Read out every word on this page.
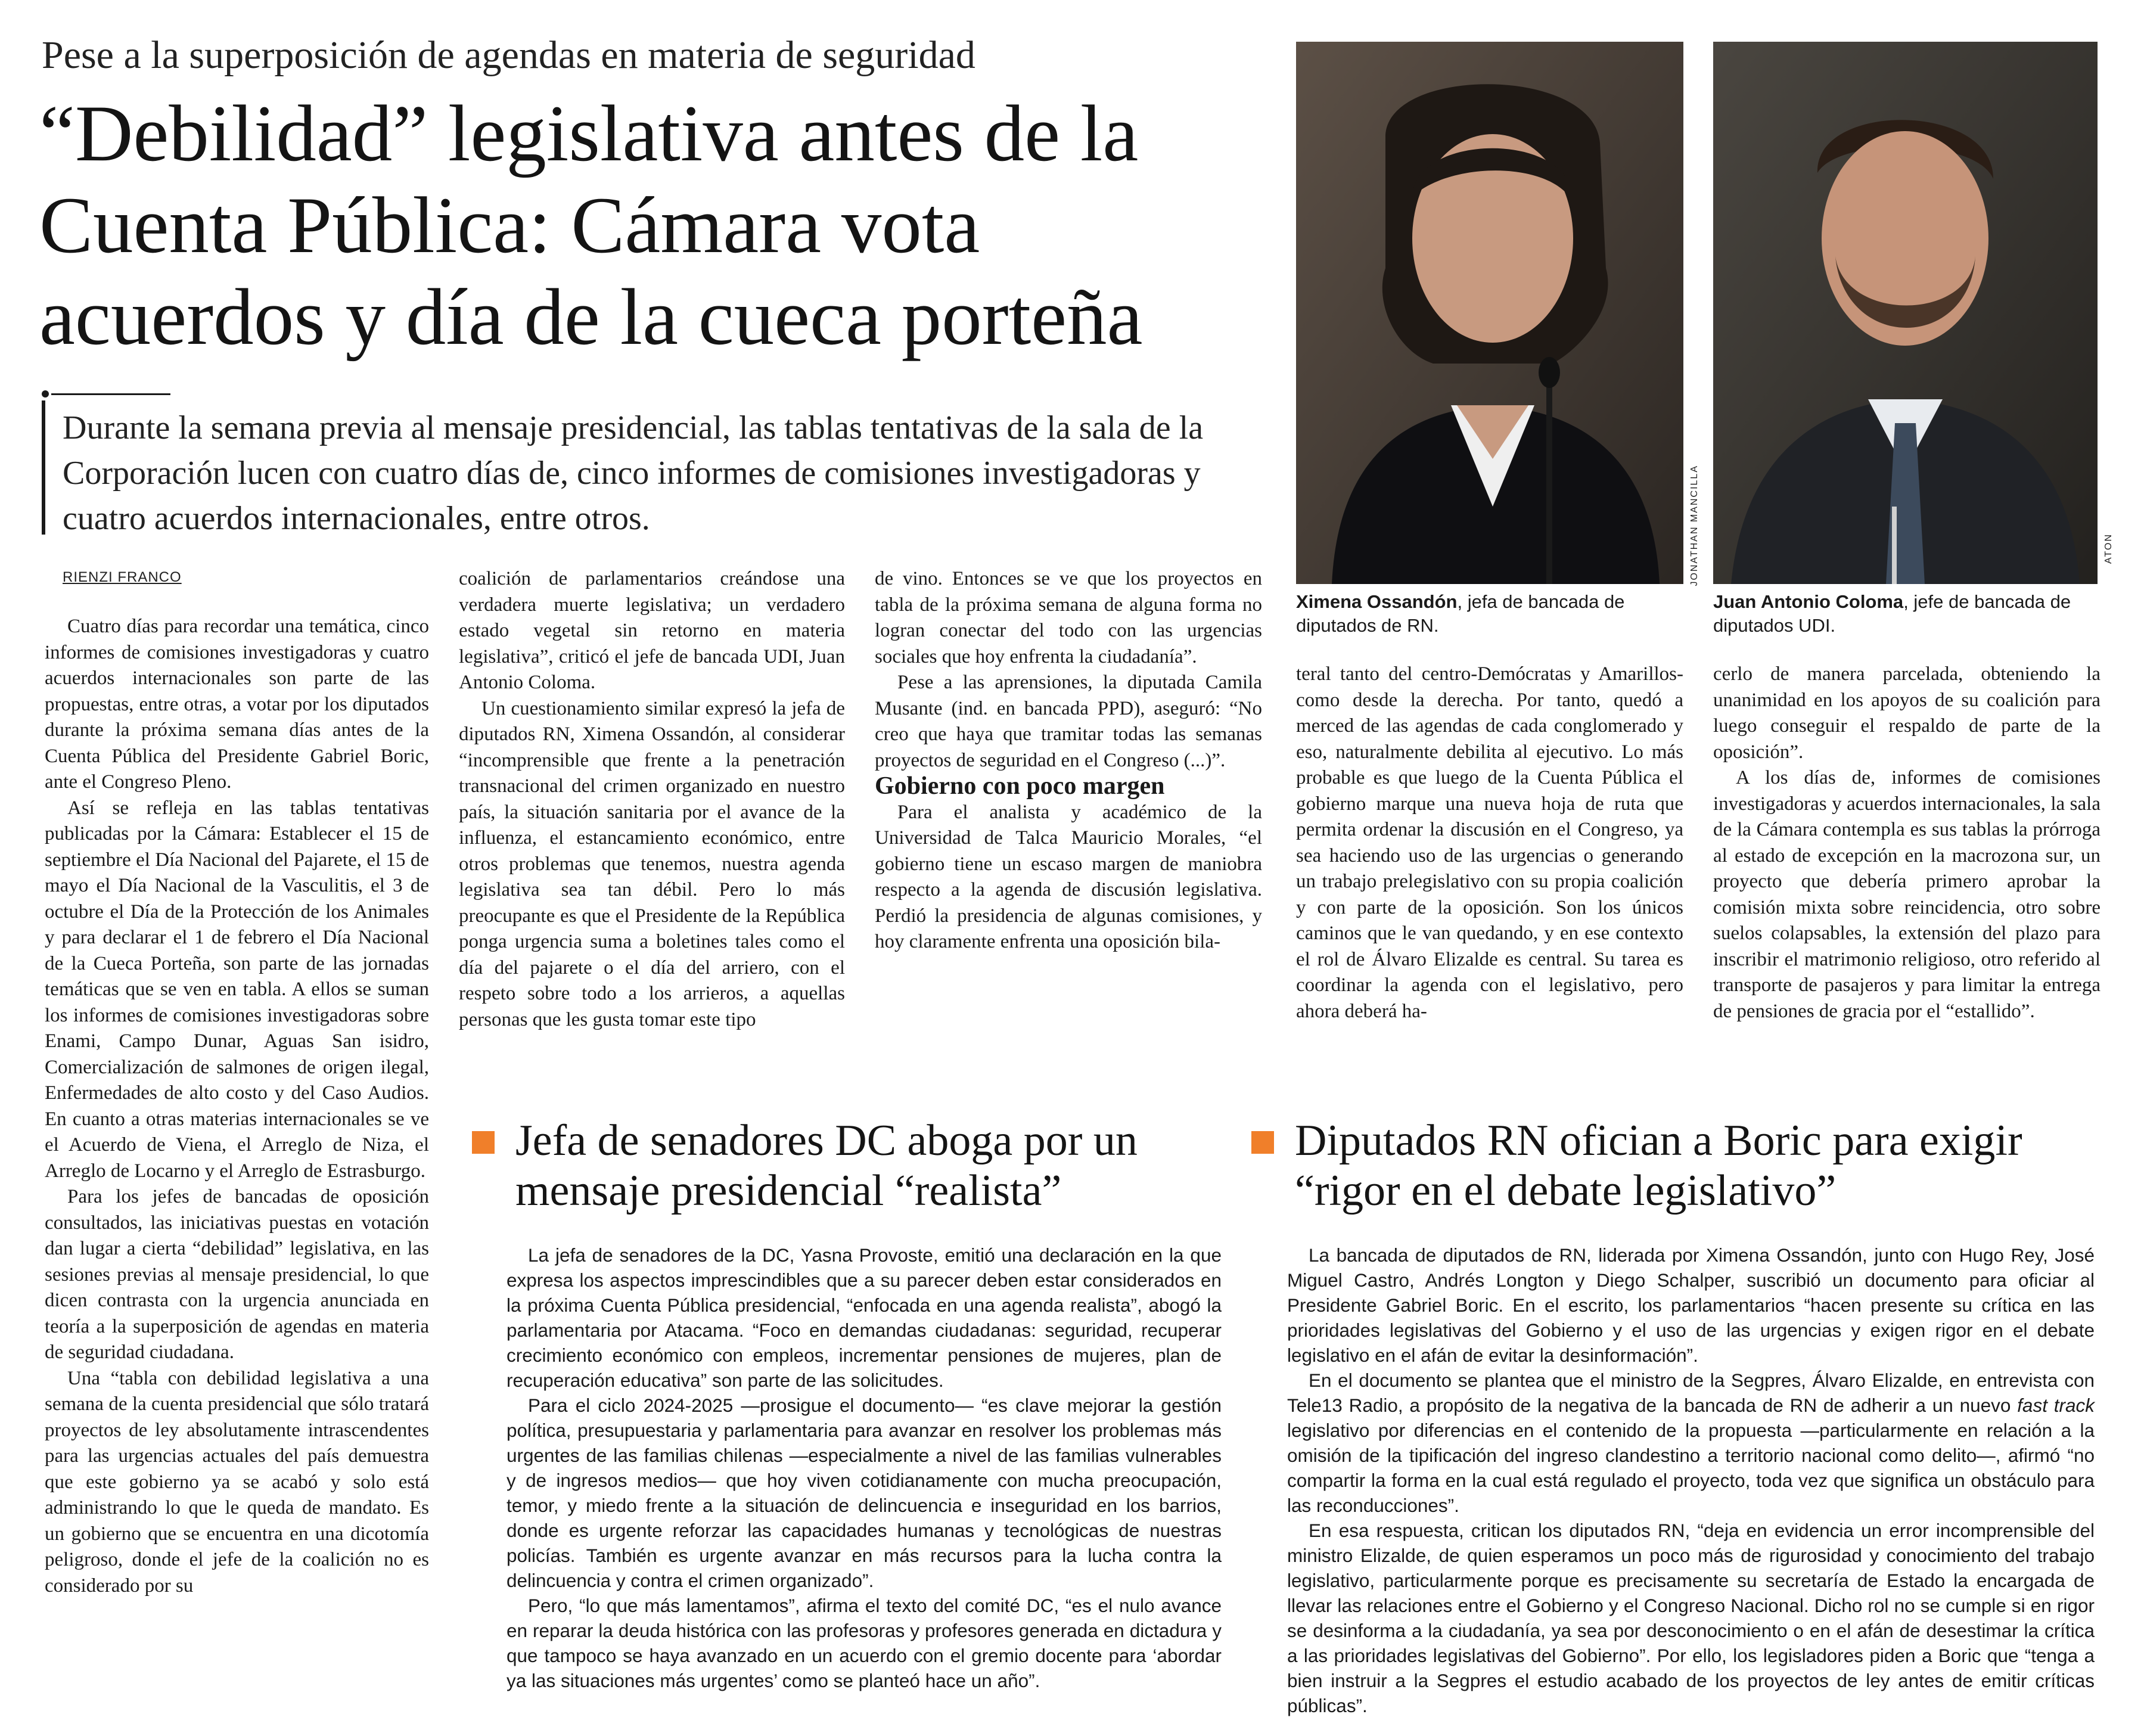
Pese a la superposición de agendas en materia de seguridad
“Debilidad” legislativa antes de la Cuenta Pública: Cámara vota acuerdos y día de la cueca porteña
Durante la semana previa al mensaje presidencial, las tablas tentativas de la sala de la Corporación lucen con cuatro días de, cinco informes de comisiones investigadoras y cuatro acuerdos internacionales, entre otros.
RIENZI FRANCO

Cuatro días para recordar una temática, cinco informes de comisiones investigadoras y cuatro acuerdos internacionales son parte de las propuestas, entre otras, a votar por los diputados durante la próxima semana días antes de la Cuenta Pública del Presidente Gabriel Boric, ante el Congreso Pleno.

Así se refleja en las tablas tentativas publicadas por la Cámara: Establecer el 15 de septiembre el Día Nacional del Pajarete, el 15 de mayo el Día Nacional de la Vasculitis, el 3 de octubre el Día de la Protección de los Animales y para declarar el 1 de febrero el Día Nacional de la Cueca Porteña, son parte de las jornadas temáticas que se ven en tabla. A ellos se suman los informes de comisiones investigadoras sobre Enami, Campo Dunar, Aguas San isidro, Comercialización de salmones de origen ilegal, Enfermedades de alto costo y del Caso Audios. En cuanto a otras materias internacionales se ve el Acuerdo de Viena, el Arreglo de Niza, el Arreglo de Locarno y el Arreglo de Estrasburgo.

Para los jefes de bancadas de oposición consultados, las iniciativas puestas en votación dan lugar a cierta “debilidad” legislativa, en las sesiones previas al mensaje presidencial, lo que dicen contrasta con la urgencia anunciada en teoría a la superposición de agendas en materia de seguridad ciudadana.

Una “tabla con debilidad legislativa a una semana de la cuenta presidencial que sólo tratará proyectos de ley absolutamente intrascendentes para las urgencias actuales del país demuestra que este gobierno ya se acabó y solo está administrando lo que le queda de mandato. Es un gobierno que se encuentra en una dicotomía peligroso, donde el jefe de la coalición no es considerado por su

coalición de parlamentarios creándose una verdadera muerte legislativa; un verdadero estado vegetal sin retorno en materia legislativa”, criticó el jefe de bancada UDI, Juan Antonio Coloma.

Un cuestionamiento similar expresó la jefa de diputados RN, Ximena Ossandón, al considerar “incomprensible que frente a la penetración transnacional del crimen organizado en nuestro país, la situación sanitaria por el avance de la influenza, el estancamiento económico, entre otros problemas que tenemos, nuestra agenda legislativa sea tan débil. Pero lo más preocupante es que el Presidente de la República ponga urgencia suma a boletines tales como el día del pajarete o el día del arriero, con el respeto sobre todo a los arrieros, a aquellas personas que les gusta tomar este tipo

de vino. Entonces se ve que los proyectos en tabla de la próxima semana de alguna forma no logran conectar del todo con las urgencias sociales que hoy enfrenta la ciudadanía”.

Pese a las aprensiones, la diputada Camila Musante (ind. en bancada PPD), aseguró: “No creo que haya que tramitar todas las semanas proyectos de seguridad en el Congreso (...)”.

Gobierno con poco margen

Para el analista y académico de la Universidad de Talca Mauricio Morales, “el gobierno tiene un escaso margen de maniobra respecto a la agenda de discusión legislativa. Perdió la presidencia de algunas comisiones, y hoy claramente enfrenta una oposición bila-

JONATHAN MANCILLA
Ximena Ossandón, jefa de bancada de diputados de RN.
ATON
Juan Antonio Coloma, jefe de bancada de diputados UDI.

teral tanto del centro-Demócratas y Amarillos- como desde la derecha. Por tanto, quedó a merced de las agendas de cada conglomerado y eso, naturalmente debilita al ejecutivo. Lo más probable es que luego de la Cuenta Pública el gobierno marque una nueva hoja de ruta que permita ordenar la discusión en el Congreso, ya sea haciendo uso de las urgencias o generando un trabajo prelegislativo con su propia coalición y con parte de la oposición. Son los únicos caminos que le van quedando, y en ese contexto el rol de Álvaro Elizalde es central. Su tarea es coordinar la agenda con el legislativo, pero ahora deberá ha-

cerlo de manera parcelada, obteniendo la unanimidad en los apoyos de su coalición para luego conseguir el respaldo de parte de la oposición”.

A los días de, informes de comisiones investigadoras y acuerdos internacionales, la sala de la Cámara contempla es sus tablas la prórroga al estado de excepción en la macrozona sur, un proyecto que debería primero aprobar la comisión mixta sobre reincidencia, otro sobre suelos colapsables, la extensión del plazo para inscribir el matrimonio religioso, otro referido al transporte de pasajeros y para limitar la entrega de pensiones de gracia por el “estallido”.

Jefa de senadores DC aboga por un mensaje presidencial “realista”

La jefa de senadores de la DC, Yasna Provoste, emitió una declaración en la que expresa los aspectos imprescindibles que a su parecer deben estar considerados en la próxima Cuenta Pública presidencial, “enfocada en una agenda realista”, abogó la parlamentaria por Atacama. “Foco en demandas ciudadanas: seguridad, recuperar crecimiento económico con empleos, incrementar pensiones de mujeres, plan de recuperación educativa” son parte de las solicitudes.

Para el ciclo 2024-2025 —prosigue el documento— “es clave mejorar la gestión política, presupuestaria y parlamentaria para avanzar en resolver los problemas más urgentes de las familias chilenas —especialmente a nivel de las familias vulnerables y de ingresos medios— que hoy viven cotidianamente con mucha preocupación, temor, y miedo frente a la situación de delincuencia e inseguridad en los barrios, donde es urgente reforzar las capacidades humanas y tecnológicas de nuestras policías. También es urgente avanzar en más recursos para la lucha contra la delincuencia y contra el crimen organizado”.

Pero, “lo que más lamentamos”, afirma el texto del comité DC, “es el nulo avance en reparar la deuda histórica con las profesoras y profesores generada en dictadura y que tampoco se haya avanzado en un acuerdo con el gremio docente para ‘abordar ya las situaciones más urgentes’ como se planteó hace un año”.

Diputados RN ofician a Boric para exigir “rigor en el debate legislativo”

La bancada de diputados de RN, liderada por Ximena Ossandón, junto con Hugo Rey, José Miguel Castro, Andrés Longton y Diego Schalper, suscribió un documento para oficiar al Presidente Gabriel Boric. En el escrito, los parlamentarios “hacen presente su crítica en las prioridades legislativas del Gobierno y el uso de las urgencias y exigen rigor en el debate legislativo en el afán de evitar la desinformación”.

En el documento se plantea que el ministro de la Segpres, Álvaro Elizalde, en entrevista con Tele13 Radio, a propósito de la negativa de la bancada de RN de adherir a un nuevo fast track legislativo por diferencias en el contenido de la propuesta —particularmente en relación a la omisión de la tipificación del ingreso clandestino a territorio nacional como delito—, afirmó “no compartir la forma en la cual está regulado el proyecto, toda vez que significa un obstáculo para las reconducciones”.

En esa respuesta, critican los diputados RN, “deja en evidencia un error incomprensible del ministro Elizalde, de quien esperamos un poco más de rigurosidad y conocimiento del trabajo legislativo, particularmente porque es precisamente su secretaría de Estado la encargada de llevar las relaciones entre el Gobierno y el Congreso Nacional. Dicho rol no se cumple si en rigor se desinforma a la ciudadanía, ya sea por desconocimiento o en el afán de desestimar la crítica a las prioridades legislativas del Gobierno”. Por ello, los legisladores piden a Boric que “tenga a bien instruir a la Segpres el estudio acabado de los proyectos de ley antes de emitir críticas públicas”.
